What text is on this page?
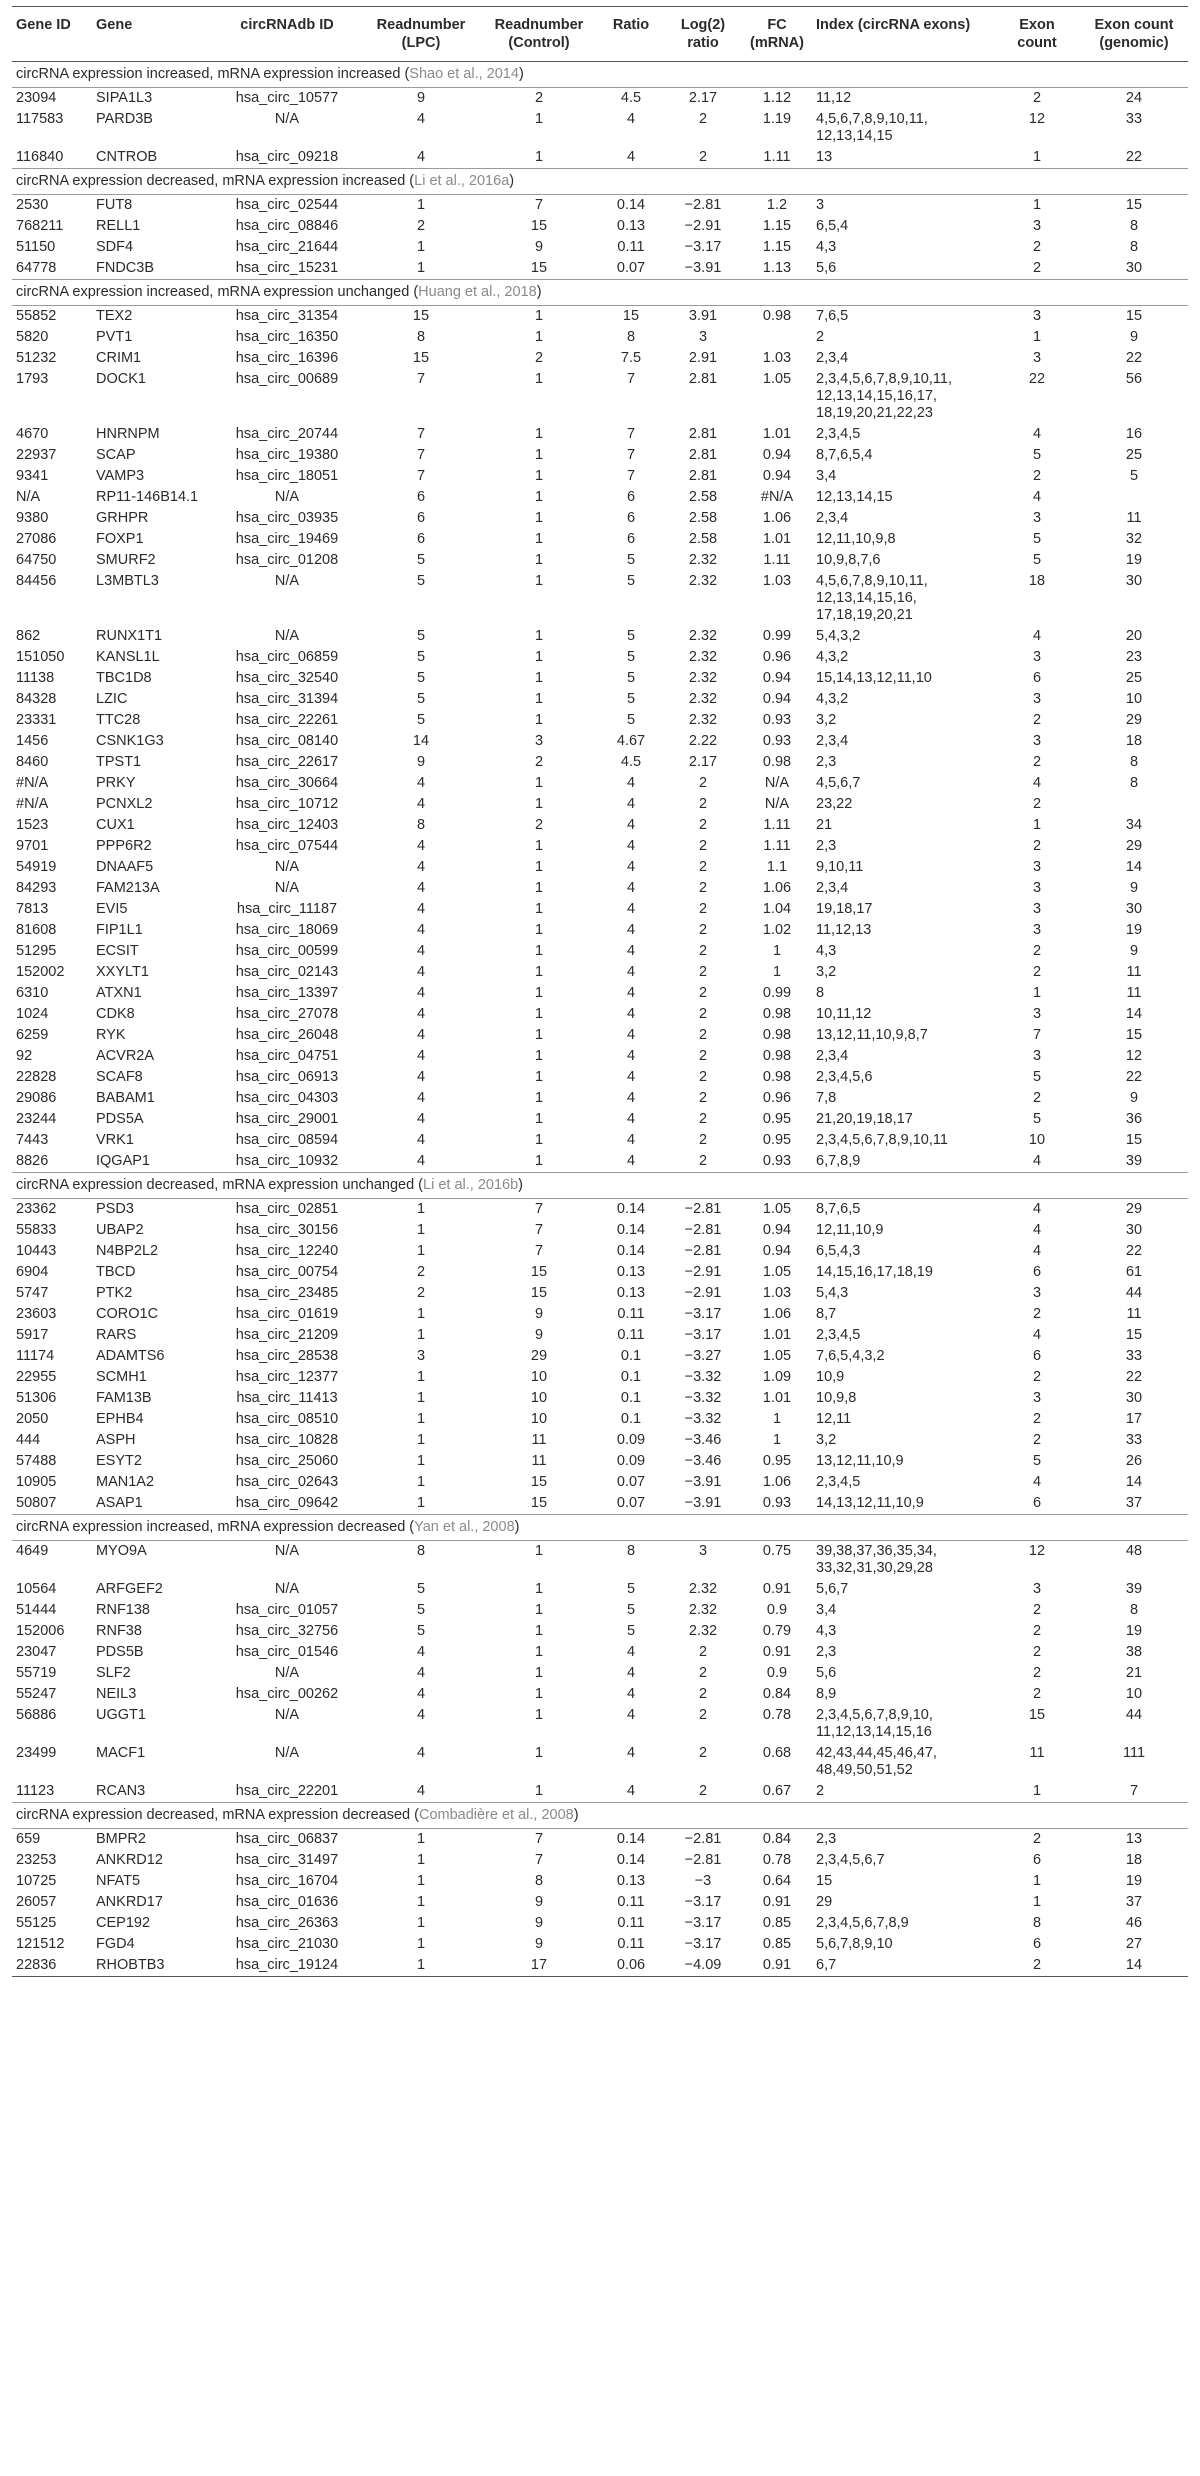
Gene ID	Gene	circRNAdb ID	Readnumber (LPC)	Readnumber (Control)	Ratio	Log(2) ratio	FC (mRNA)	Index (circRNA exons)	Exon count	Exon count (genomic)
circRNA expression increased, mRNA expression increased (Shao et al., 2014)										
23094	SIPA1L3	hsa_circ_10577	9	2	4.5	2.17	1.12	11,12	2	24
117583	PARD3B	N/A	4	1	4	2	1.19	4,5,6,7,8,9,10,11,
12,13,14,15	12	33
116840	CNTROB	hsa_circ_09218	4	1	4	2	1.11	13	1	22
circRNA expression decreased, mRNA expression increased (Li et al., 2016a)										
2530	FUT8	hsa_circ_02544	1	7	0.14	−2.81	1.2	3	1	15
768211	RELL1	hsa_circ_08846	2	15	0.13	−2.91	1.15	6,5,4	3	8
51150	SDF4	hsa_circ_21644	1	9	0.11	−3.17	1.15	4,3	2	8
64778	FNDC3B	hsa_circ_15231	1	15	0.07	−3.91	1.13	5,6	2	30
circRNA expression increased, mRNA expression unchanged (Huang et al., 2018)										
55852	TEX2	hsa_circ_31354	15	1	15	3.91	0.98	7,6,5	3	15
5820	PVT1	hsa_circ_16350	8	1	8	3		2	1	9
51232	CRIM1	hsa_circ_16396	15	2	7.5	2.91	1.03	2,3,4	3	22
1793	DOCK1	hsa_circ_00689	7	1	7	2.81	1.05	2,3,4,5,6,7,8,9,10,11,
12,13,14,15,16,17,
18,19,20,21,22,23	22	56
4670	HNRNPM	hsa_circ_20744	7	1	7	2.81	1.01	2,3,4,5	4	16
22937	SCAP	hsa_circ_19380	7	1	7	2.81	0.94	8,7,6,5,4	5	25
9341	VAMP3	hsa_circ_18051	7	1	7	2.81	0.94	3,4	2	5
N/A	RP11-146B14.1	N/A	6	1	6	2.58	#N/A	12,13,14,15	4	
9380	GRHPR	hsa_circ_03935	6	1	6	2.58	1.06	2,3,4	3	11
27086	FOXP1	hsa_circ_19469	6	1	6	2.58	1.01	12,11,10,9,8	5	32
64750	SMURF2	hsa_circ_01208	5	1	5	2.32	1.11	10,9,8,7,6	5	19
84456	L3MBTL3	N/A	5	1	5	2.32	1.03	4,5,6,7,8,9,10,11,
12,13,14,15,16,
17,18,19,20,21	18	30
862	RUNX1T1	N/A	5	1	5	2.32	0.99	5,4,3,2	4	20
151050	KANSL1L	hsa_circ_06859	5	1	5	2.32	0.96	4,3,2	3	23
11138	TBC1D8	hsa_circ_32540	5	1	5	2.32	0.94	15,14,13,12,11,10	6	25
84328	LZIC	hsa_circ_31394	5	1	5	2.32	0.94	4,3,2	3	10
23331	TTC28	hsa_circ_22261	5	1	5	2.32	0.93	3,2	2	29
1456	CSNK1G3	hsa_circ_08140	14	3	4.67	2.22	0.93	2,3,4	3	18
8460	TPST1	hsa_circ_22617	9	2	4.5	2.17	0.98	2,3	2	8
#N/A	PRKY	hsa_circ_30664	4	1	4	2	N/A	4,5,6,7	4	8
#N/A	PCNXL2	hsa_circ_10712	4	1	4	2	N/A	23,22	2	
1523	CUX1	hsa_circ_12403	8	2	4	2	1.11	21	1	34
9701	PPP6R2	hsa_circ_07544	4	1	4	2	1.11	2,3	2	29
54919	DNAAF5	N/A	4	1	4	2	1.1	9,10,11	3	14
84293	FAM213A	N/A	4	1	4	2	1.06	2,3,4	3	9
7813	EVI5	hsa_circ_11187	4	1	4	2	1.04	19,18,17	3	30
81608	FIP1L1	hsa_circ_18069	4	1	4	2	1.02	11,12,13	3	19
51295	ECSIT	hsa_circ_00599	4	1	4	2	1	4,3	2	9
152002	XXYLT1	hsa_circ_02143	4	1	4	2	1	3,2	2	11
6310	ATXN1	hsa_circ_13397	4	1	4	2	0.99	8	1	11
1024	CDK8	hsa_circ_27078	4	1	4	2	0.98	10,11,12	3	14
6259	RYK	hsa_circ_26048	4	1	4	2	0.98	13,12,11,10,9,8,7	7	15
92	ACVR2A	hsa_circ_04751	4	1	4	2	0.98	2,3,4	3	12
22828	SCAF8	hsa_circ_06913	4	1	4	2	0.98	2,3,4,5,6	5	22
29086	BABAM1	hsa_circ_04303	4	1	4	2	0.96	7,8	2	9
23244	PDS5A	hsa_circ_29001	4	1	4	2	0.95	21,20,19,18,17	5	36
7443	VRK1	hsa_circ_08594	4	1	4	2	0.95	2,3,4,5,6,7,8,9,10,11	10	15
8826	IQGAP1	hsa_circ_10932	4	1	4	2	0.93	6,7,8,9	4	39
circRNA expression decreased, mRNA expression unchanged (Li et al., 2016b)										
23362	PSD3	hsa_circ_02851	1	7	0.14	−2.81	1.05	8,7,6,5	4	29
55833	UBAP2	hsa_circ_30156	1	7	0.14	−2.81	0.94	12,11,10,9	4	30
10443	N4BP2L2	hsa_circ_12240	1	7	0.14	−2.81	0.94	6,5,4,3	4	22
6904	TBCD	hsa_circ_00754	2	15	0.13	−2.91	1.05	14,15,16,17,18,19	6	61
5747	PTK2	hsa_circ_23485	2	15	0.13	−2.91	1.03	5,4,3	3	44
23603	CORO1C	hsa_circ_01619	1	9	0.11	−3.17	1.06	8,7	2	11
5917	RARS	hsa_circ_21209	1	9	0.11	−3.17	1.01	2,3,4,5	4	15
11174	ADAMTS6	hsa_circ_28538	3	29	0.1	−3.27	1.05	7,6,5,4,3,2	6	33
22955	SCMH1	hsa_circ_12377	1	10	0.1	−3.32	1.09	10,9	2	22
51306	FAM13B	hsa_circ_11413	1	10	0.1	−3.32	1.01	10,9,8	3	30
2050	EPHB4	hsa_circ_08510	1	10	0.1	−3.32	1	12,11	2	17
444	ASPH	hsa_circ_10828	1	11	0.09	−3.46	1	3,2	2	33
57488	ESYT2	hsa_circ_25060	1	11	0.09	−3.46	0.95	13,12,11,10,9	5	26
10905	MAN1A2	hsa_circ_02643	1	15	0.07	−3.91	1.06	2,3,4,5	4	14
50807	ASAP1	hsa_circ_09642	1	15	0.07	−3.91	0.93	14,13,12,11,10,9	6	37
circRNA expression increased, mRNA expression decreased (Yan et al., 2008)										
4649	MYO9A	N/A	8	1	8	3	0.75	39,38,37,36,35,34,
33,32,31,30,29,28	12	48
10564	ARFGEF2	N/A	5	1	5	2.32	0.91	5,6,7	3	39
51444	RNF138	hsa_circ_01057	5	1	5	2.32	0.9	3,4	2	8
152006	RNF38	hsa_circ_32756	5	1	5	2.32	0.79	4,3	2	19
23047	PDS5B	hsa_circ_01546	4	1	4	2	0.91	2,3	2	38
55719	SLF2	N/A	4	1	4	2	0.9	5,6	2	21
55247	NEIL3	hsa_circ_00262	4	1	4	2	0.84	8,9	2	10
56886	UGGT1	N/A	4	1	4	2	0.78	2,3,4,5,6,7,8,9,10,
11,12,13,14,15,16	15	44
23499	MACF1	N/A	4	1	4	2	0.68	42,43,44,45,46,47,
48,49,50,51,52	11	111
11123	RCAN3	hsa_circ_22201	4	1	4	2	0.67	2	1	7
circRNA expression decreased, mRNA expression decreased (Combadière et al., 2008)										
659	BMPR2	hsa_circ_06837	1	7	0.14	−2.81	0.84	2,3	2	13
23253	ANKRD12	hsa_circ_31497	1	7	0.14	−2.81	0.78	2,3,4,5,6,7	6	18
10725	NFAT5	hsa_circ_16704	1	8	0.13	−3	0.64	15	1	19
26057	ANKRD17	hsa_circ_01636	1	9	0.11	−3.17	0.91	29	1	37
55125	CEP192	hsa_circ_26363	1	9	0.11	−3.17	0.85	2,3,4,5,6,7,8,9	8	46
121512	FGD4	hsa_circ_21030	1	9	0.11	−3.17	0.85	5,6,7,8,9,10	6	27
22836	RHOBTB3	hsa_circ_19124	1	17	0.06	−4.09	0.91	6,7	2	14
